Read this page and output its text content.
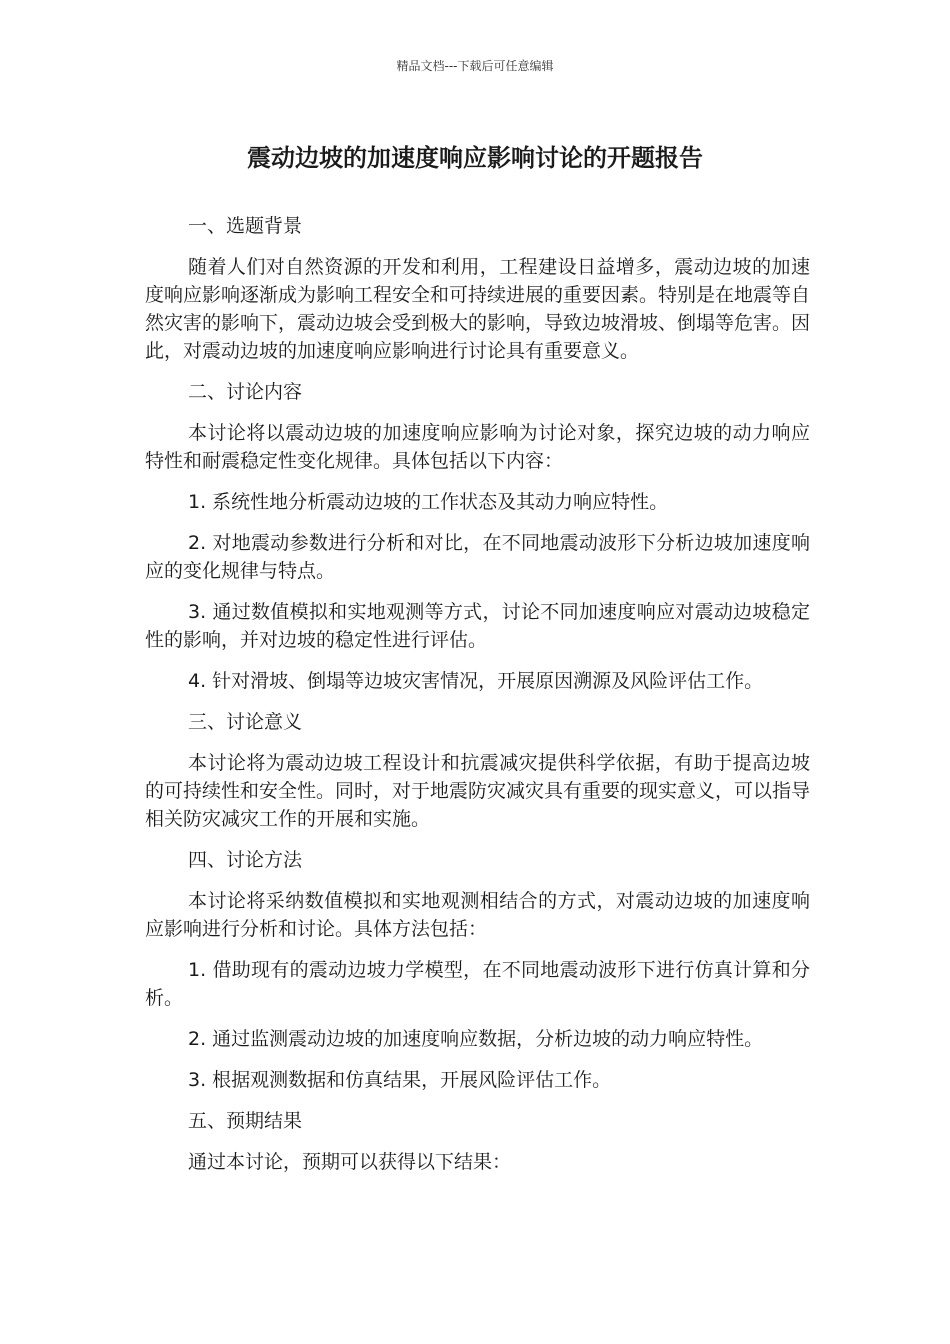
精品文档---下载后可任意编辑
震动边坡的加速度响应影响讨论的开题报告

一、选题背景

随着人们对自然资源的开发和利用，工程建设日益增多，震动边坡的加速度响应影响逐渐成为影响工程安全和可持续进展的重要因素。特别是在地震等自然灾害的影响下，震动边坡会受到极大的影响，导致边坡滑坡、倒塌等危害。因此，对震动边坡的加速度响应影响进行讨论具有重要意义。

二、讨论内容

本讨论将以震动边坡的加速度响应影响为讨论对象，探究边坡的动力响应特性和耐震稳定性变化规律。具体包括以下内容：

1. 系统性地分析震动边坡的工作状态及其动力响应特性。

2. 对地震动参数进行分析和对比，在不同地震动波形下分析边坡加速度响应的变化规律与特点。

3. 通过数值模拟和实地观测等方式，讨论不同加速度响应对震动边坡稳定性的影响，并对边坡的稳定性进行评估。

4. 针对滑坡、倒塌等边坡灾害情况，开展原因溯源及风险评估工作。

三、讨论意义

本讨论将为震动边坡工程设计和抗震减灾提供科学依据，有助于提高边坡的可持续性和安全性。同时，对于地震防灾减灾具有重要的现实意义，可以指导相关防灾减灾工作的开展和实施。

四、讨论方法

本讨论将采纳数值模拟和实地观测相结合的方式，对震动边坡的加速度响应影响进行分析和讨论。具体方法包括：

1. 借助现有的震动边坡力学模型，在不同地震动波形下进行仿真计算和分析。

2. 通过监测震动边坡的加速度响应数据，分析边坡的动力响应特性。

3. 根据观测数据和仿真结果，开展风险评估工作。

五、预期结果

通过本讨论，预期可以获得以下结果：
